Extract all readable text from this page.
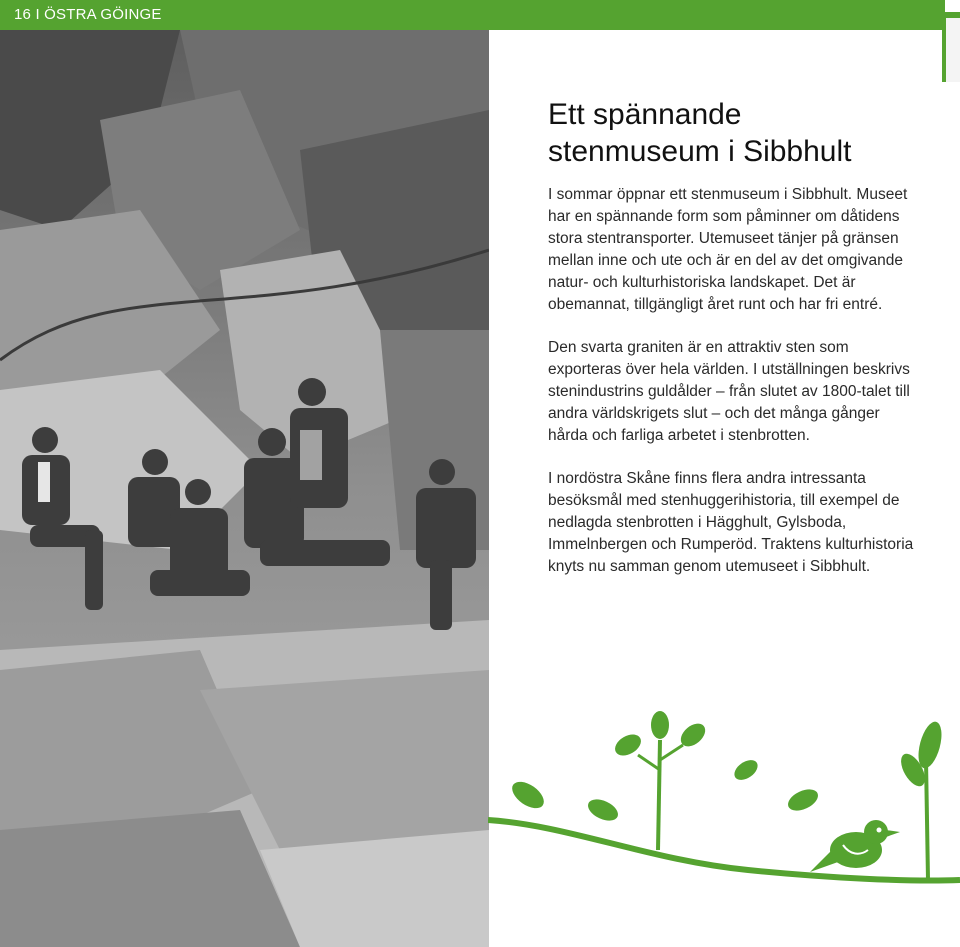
16 I ÖSTRA GÖINGE
Ett spännande
stenmuseum i Sibbhult

I sommar öppnar ett stenmuseum i Sibbhult. Museet har en spännande form som påminner om dåtidens stora stentransporter. Utemuseet tänjer på gränsen mellan inne och ute och är en del av det omgivande natur- och kulturhistoriska landskapet. Det är obemannat, tillgängligt året runt och har fri entré.

Den svarta graniten är en attraktiv sten som exporteras över hela världen. I utställningen beskrivs stenindustrins guldålder – från slutet av 1800-talet till andra världskrigets slut – och det många gånger hårda och farliga arbetet i stenbrotten.

I nordöstra Skåne finns flera andra intressanta besöksmål med stenhuggerihistoria, till exempel de nedlagda stenbrotten i Hägghult, Gylsboda, Immelnbergen och Rumperöd. Traktens kulturhistoria knyts nu samman genom utemuseet i Sibbhult.
